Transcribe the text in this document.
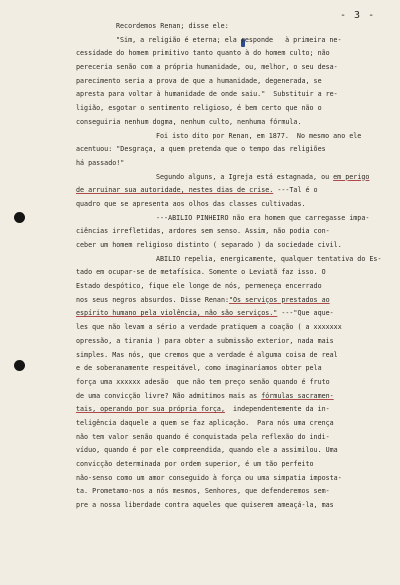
- 3 -
Recordemos Renan; disse ele:
"Sim, a religião é eterna; ela responde   à primeira ne-
cessidade do homem primitivo tanto quanto à do homem culto; não
pereceria senão com a própria humanidade, ou, melhor, o seu desa-
parecimento seria a prova de que a humanidade, degenerada, se
apresta para voltar à humanidade de onde saiu."  Substituir a re-
ligião, esgotar o sentimento religioso, é bem certo que não o
conseguiria nenhum dogma, nenhum culto, nenhuma fórmula.
Foi isto dito por Renan, em 1877.  No mesmo ano ele
acentuou: "Desgraça, a quem pretenda que o tempo das religiões
há passado!"
Segundo alguns, a Igreja está estagnada, ou em perigo
de arruinar sua autoridade, nestes dias de crise. ---Tal é o
quadro que se apresenta aos olhos das classes cultivadas.
---ABILIO PINHEIRO não era homem que carregasse impa-
ciências irrefletidas, ardores sem senso. Assim, não podia con-
ceber um homem religioso distinto ( separado ) da sociedade civil.
ABILIO repelia, energicamente, qualquer tentativa do Es-
tado em ocupar-se de metafísica. Somente o Leviatã faz isso. O
Estado despótico, fique ele longe de nós, permeneça encerrado
nos seus negros absurdos. Disse Renan:"Os serviços prestados ao
espírito humano pela violência, não são serviços." ---"Que aque-
les que não levam a sério a verdade pratiquem a coação ( a xxxxxxx
opressão, a tirania ) para obter a submissão exterior, nada mais
simples. Mas nós, que cremos que a verdade é alguma coisa de real
e de soberanamente respeitável, como imaginaríamos obter pela
força uma xxxxxx adesão  que não tem preço senão quando é fruto
de uma convicção livre? Não admitimos mais as fórmulas sacramen-
tais, operando por sua própria força,  independentemente da in-
teligência daquele a quem se faz aplicação.  Para nós uma crença
não tem valor senão quando é conquistada pela reflexão do indi-
víduo, quando é por ele compreendida, quando ele a assimilou. Uma
convicção determinada por ordem superior, é um tão perfeito
não-senso como um amor conseguido à força ou uma simpatia imposta-
ta. Prometamo-nos a nós mesmos, Senhores, que defenderemos sem-
pre a nossa liberdade contra aqueles que quiserem ameaçá-la, mas
